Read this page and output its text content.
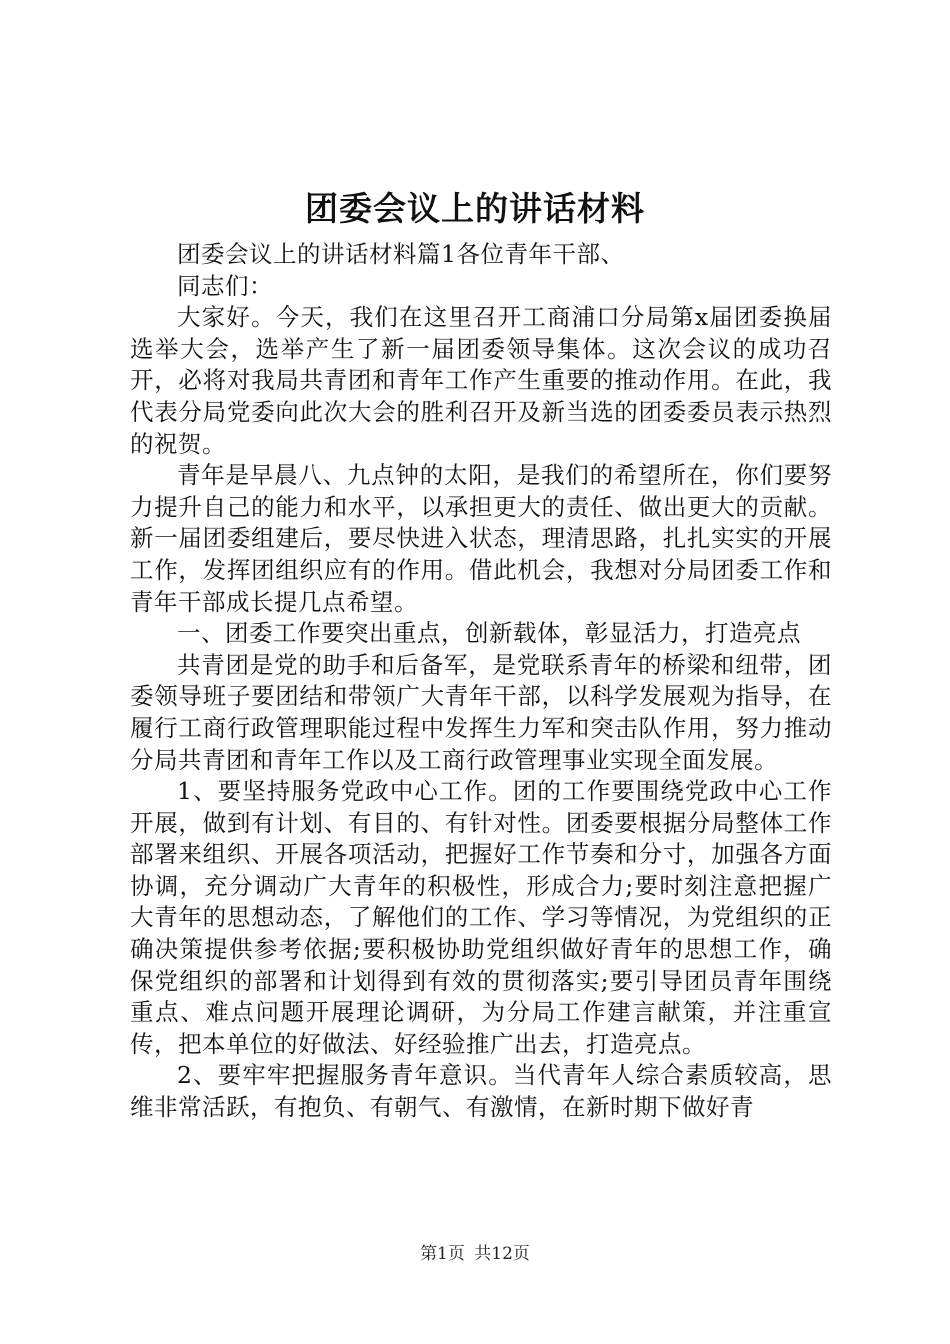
团委会议上的讲话材料

团委会议上的讲话材料篇1各位青年干部、

同志们：

大家好。今天，我们在这里召开工商浦口分局第x届团委换届选举大会，选举产生了新一届团委领导集体。这次会议的成功召开，必将对我局共青团和青年工作产生重要的推动作用。在此，我代表分局党委向此次大会的胜利召开及新当选的团委委员表示热烈的祝贺。

青年是早晨八、九点钟的太阳，是我们的希望所在，你们要努力提升自己的能力和水平，以承担更大的责任、做出更大的贡献。新一届团委组建后，要尽快进入状态，理清思路，扎扎实实的开展工作，发挥团组织应有的作用。借此机会，我想对分局团委工作和青年干部成长提几点希望。

一、团委工作要突出重点，创新载体，彰显活力，打造亮点

共青团是党的助手和后备军，是党联系青年的桥梁和纽带，团委领导班子要团结和带领广大青年干部，以科学发展观为指导，在履行工商行政管理职能过程中发挥生力军和突击队作用，努力推动分局共青团和青年工作以及工商行政管理事业实现全面发展。

1、要坚持服务党政中心工作。团的工作要围绕党政中心工作开展，做到有计划、有目的、有针对性。团委要根据分局整体工作部署来组织、开展各项活动，把握好工作节奏和分寸，加强各方面协调，充分调动广大青年的积极性，形成合力;要时刻注意把握广大青年的思想动态，了解他们的工作、学习等情况，为党组织的正确决策提供参考依据;要积极协助党组织做好青年的思想工作，确保党组织的部署和计划得到有效的贯彻落实;要引导团员青年围绕重点、难点问题开展理论调研，为分局工作建言献策，并注重宣传，把本单位的好做法、好经验推广出去，打造亮点。

2、要牢牢把握服务青年意识。当代青年人综合素质较高，思维非常活跃，有抱负、有朝气、有激情，在新时期下做好青

第1页 共12页
